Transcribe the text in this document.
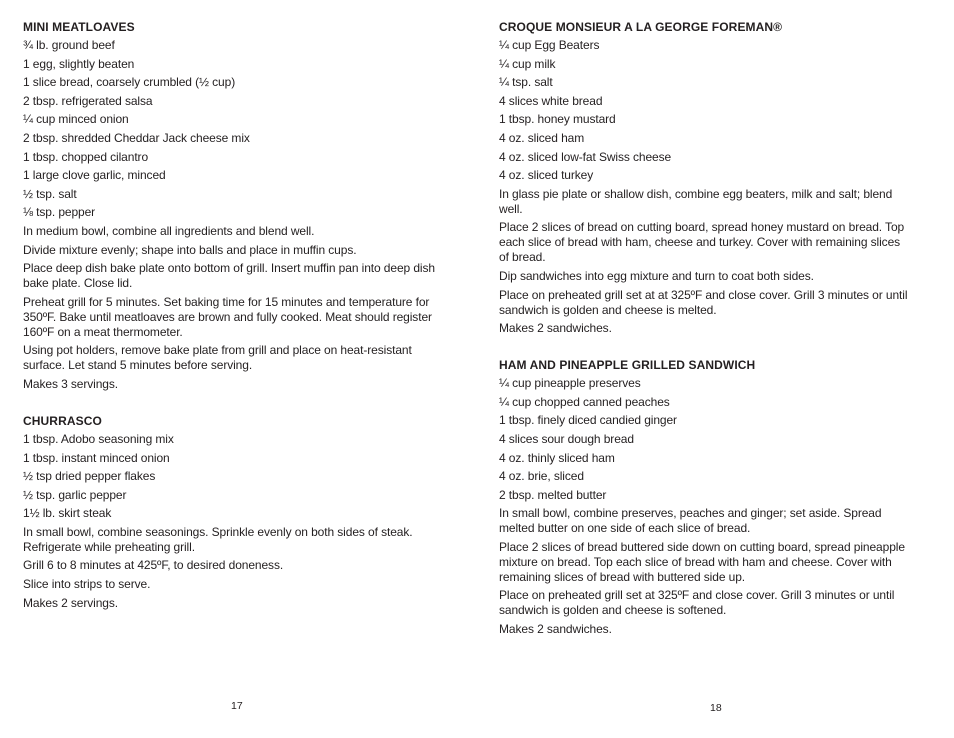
MINI MEATLOAVES
¾ lb. ground beef
1 egg, slightly beaten
1 slice bread, coarsely crumbled (½ cup)
2 tbsp. refrigerated salsa
¼ cup minced onion
2 tbsp. shredded Cheddar Jack cheese mix
1 tbsp. chopped cilantro
1 large clove garlic, minced
½ tsp. salt
⅛ tsp. pepper
In medium bowl, combine all ingredients and blend well.
Divide mixture evenly; shape into balls and place in muffin cups.
Place deep dish bake plate onto bottom of grill. Insert muffin pan into deep dish bake plate. Close lid.
Preheat grill for 5 minutes. Set baking time for 15 minutes and temperature for 350ºF. Bake until meatloaves are brown and fully cooked. Meat should register 160ºF on a meat thermometer.
Using pot holders, remove bake plate from grill and place on heat-resistant surface. Let stand 5 minutes before serving.
Makes 3 servings.
CHURRASCO
1 tbsp. Adobo seasoning mix
1 tbsp. instant minced onion
½ tsp dried pepper flakes
½ tsp. garlic pepper
1½ lb. skirt steak
In small bowl, combine seasonings. Sprinkle evenly on both sides of steak. Refrigerate while preheating grill.
Grill 6 to 8 minutes at 425ºF, to desired doneness.
Slice into strips to serve.
Makes 2 servings.
CROQUE MONSIEUR A LA GEORGE FOREMAN®
¼ cup Egg Beaters
¼ cup milk
¼ tsp. salt
4 slices white bread
1 tbsp. honey mustard
4 oz. sliced ham
4 oz. sliced low-fat Swiss cheese
4 oz. sliced turkey
In glass pie plate or shallow dish, combine egg beaters, milk and salt; blend well.
Place 2 slices of bread on cutting board, spread honey mustard on bread. Top each slice of bread with ham, cheese and turkey. Cover with remaining slices of bread.
Dip sandwiches into egg mixture and turn to coat both sides.
Place on preheated grill set at at 325ºF and close cover. Grill 3 minutes or until sandwich is golden and cheese is melted.
Makes 2 sandwiches.
HAM AND PINEAPPLE GRILLED SANDWICH
¼ cup pineapple preserves
¼ cup chopped canned peaches
1 tbsp. finely diced candied ginger
4 slices sour dough bread
4 oz. thinly sliced ham
4 oz. brie, sliced
2 tbsp. melted butter
In small bowl, combine preserves, peaches and ginger; set aside. Spread melted butter on one side of each slice of bread.
Place 2 slices of bread buttered side down on cutting board, spread pineapple mixture on bread. Top each slice of bread with ham and cheese. Cover with remaining slices of bread with buttered side up.
Place on preheated grill set at 325ºF and close cover. Grill 3 minutes or until sandwich is golden and cheese is softened.
Makes 2 sandwiches.
17	18
